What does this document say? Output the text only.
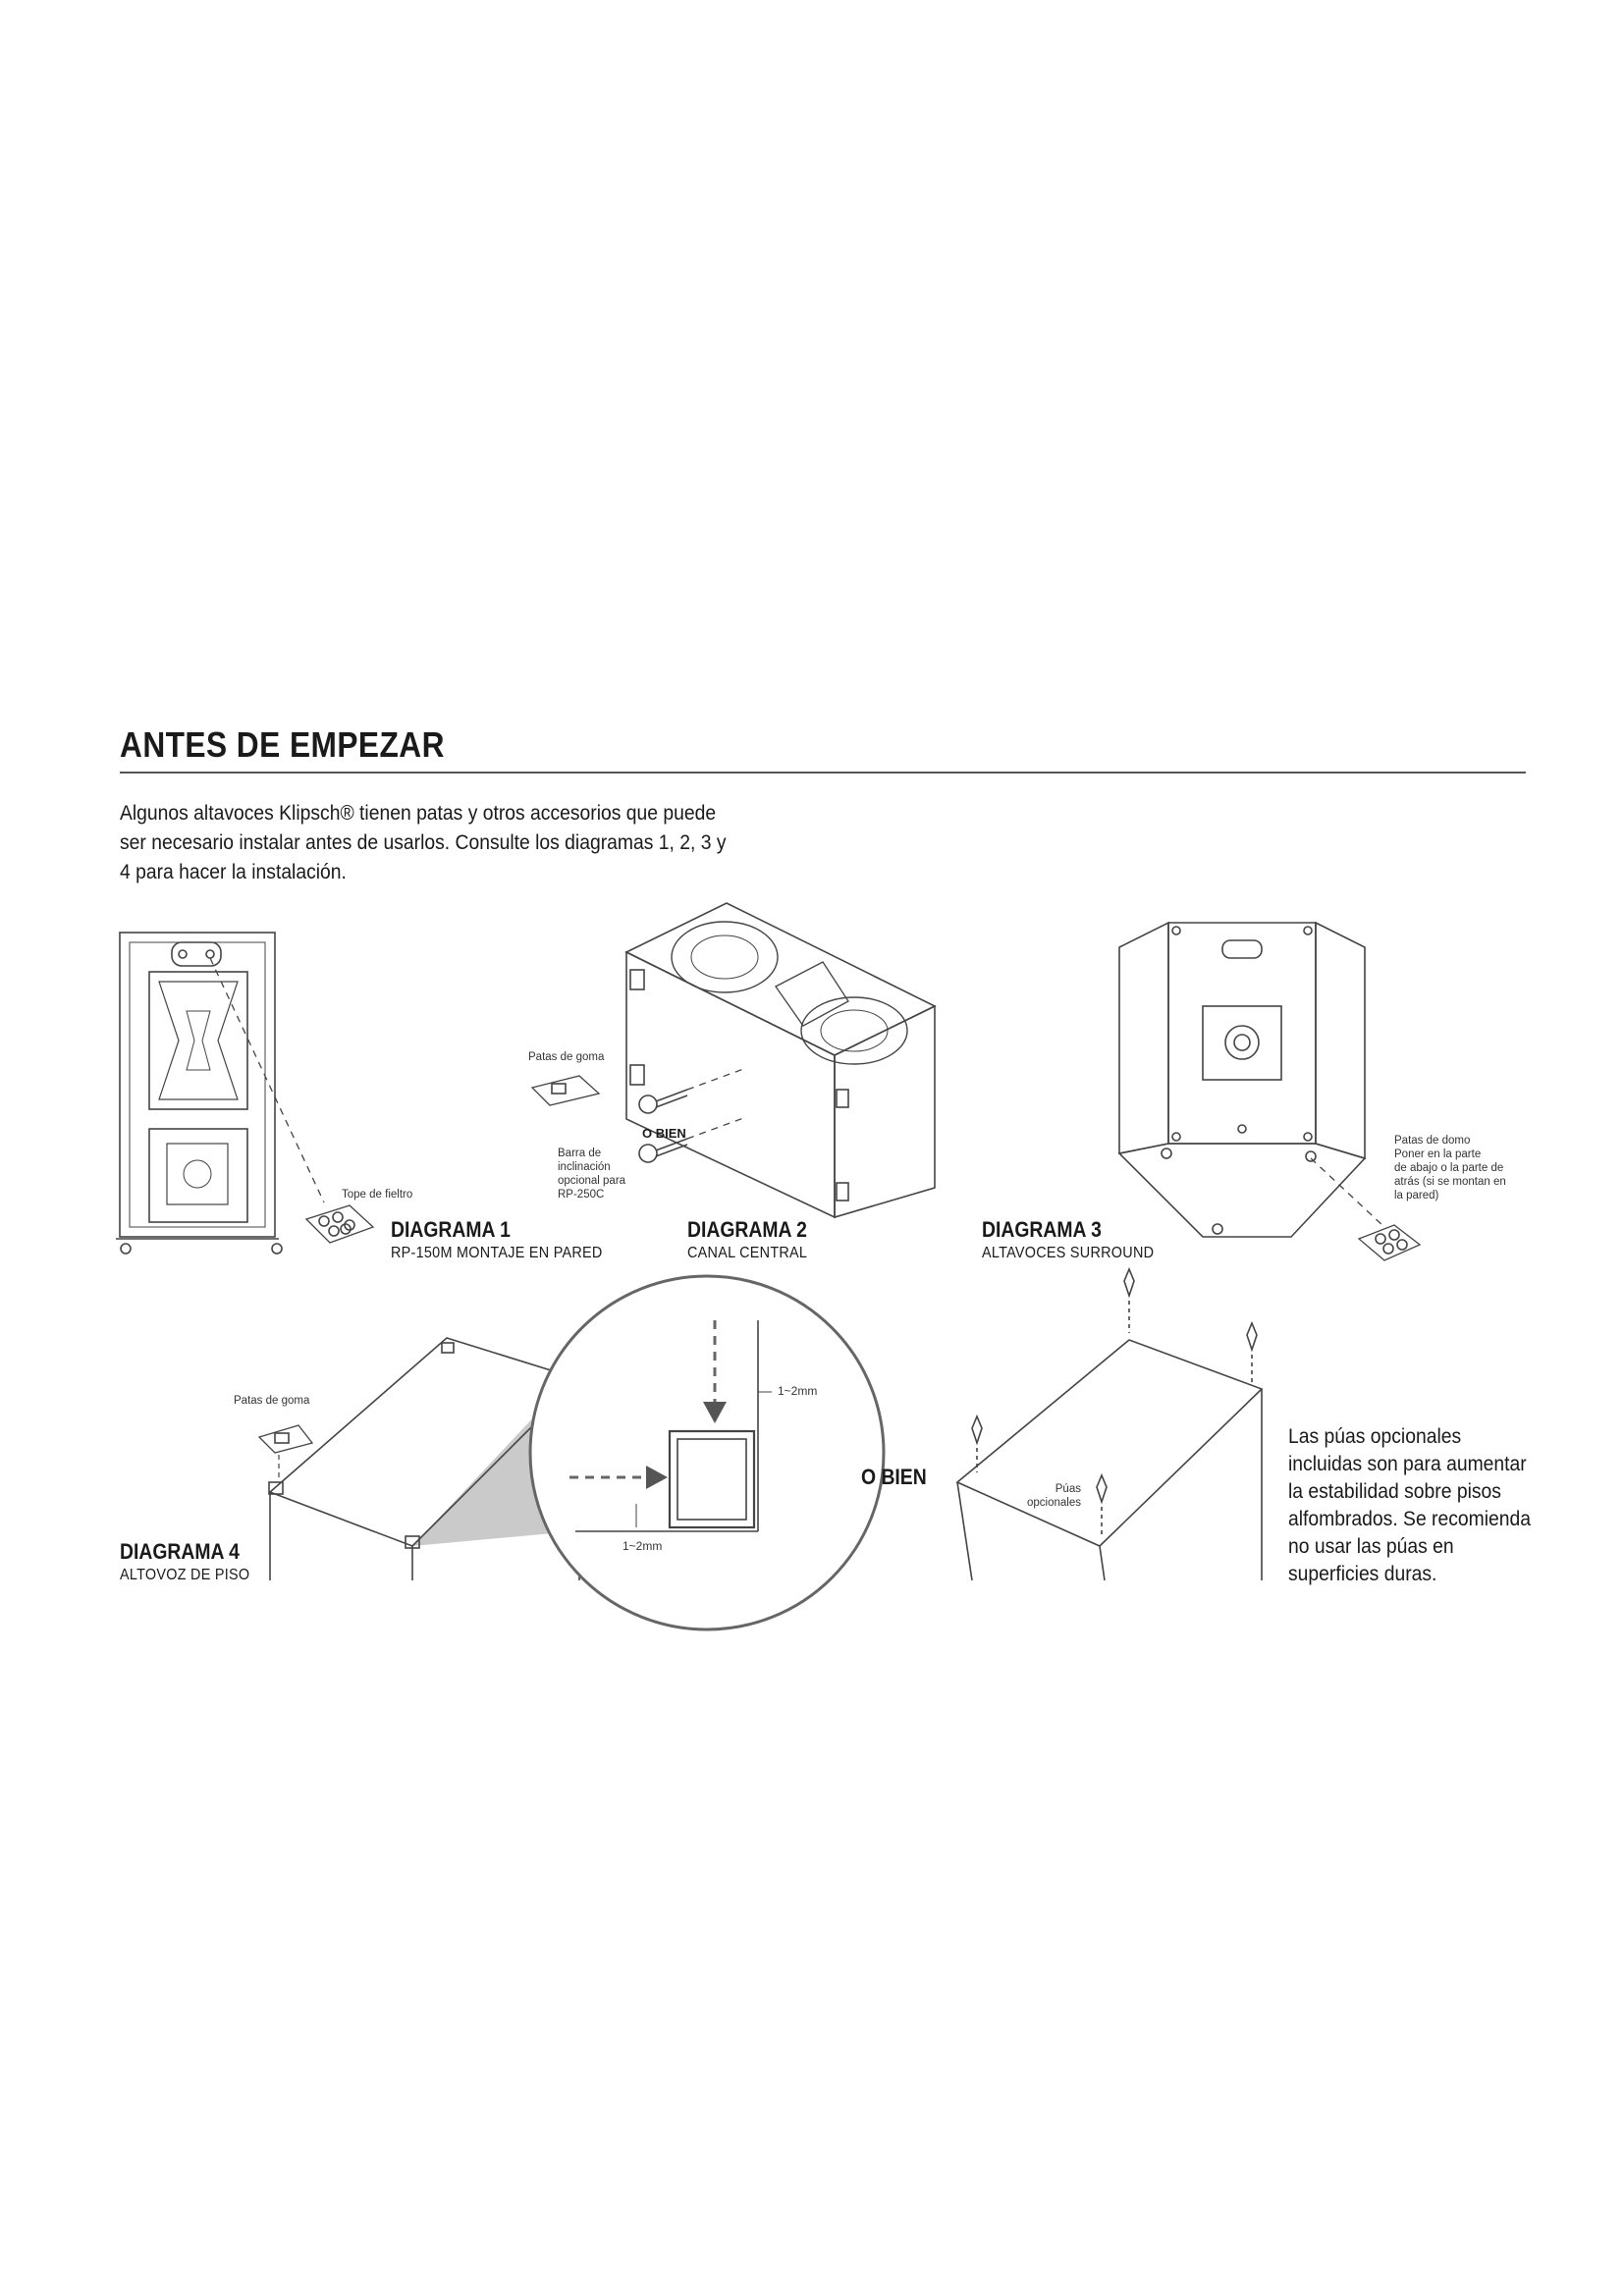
ANTES DE EMPEZAR
Algunos altavoces Klipsch® tienen patas y otros accesorios que puede
ser necesario instalar antes de usarlos. Consulte los diagramas 1, 2, 3 y
4 para hacer la instalación.
Tope de fieltro
DIAGRAMA 1
RP-150M MONTAJE EN PARED
Patas de goma
O BIEN
Barra de
inclinación
opcional para
RP-250C
DIAGRAMA 2
CANAL CENTRAL
Patas de domo
Poner en la parte
de abajo o la parte de
atrás (si se montan en
la pared)
DIAGRAMA 3
ALTAVOCES SURROUND
Patas de goma
1~2mm
1~2mm
O BIEN	Púas
opcionales
DIAGRAMA 4
ALTOVOZ DE PISO
Las púas opcionales
incluidas son para aumentar
la estabilidad sobre pisos
alfombrados. Se recomienda
no usar las púas en
superficies duras.
